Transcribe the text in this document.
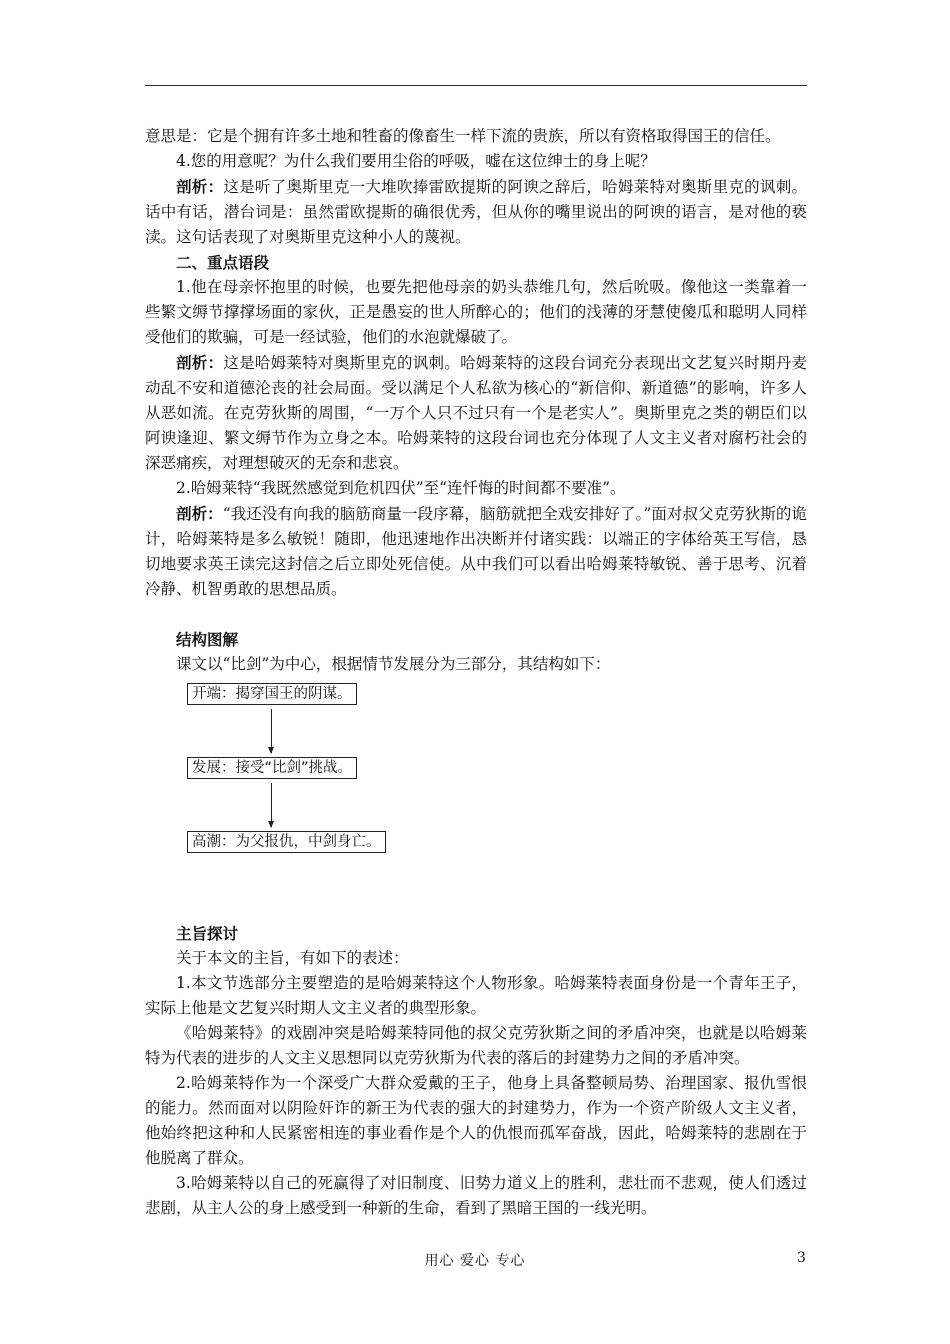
意思是：它是个拥有许多土地和牲畜的像畜生一样下流的贵族，所以有资格取得国王的信任。

4.您的用意呢？为什么我们要用尘俗的呼吸，嘘在这位绅士的身上呢？

剖析：这是听了奥斯里克一大堆吹捧雷欧提斯的阿谀之辞后，哈姆莱特对奥斯里克的讽刺。话中有话，潜台词是：虽然雷欧提斯的确很优秀，但从你的嘴里说出的阿谀的语言，是对他的亵渎。这句话表现了对奥斯里克这种小人的蔑视。

二、重点语段

1.他在母亲怀抱里的时候，也要先把他母亲的奶头恭维几句，然后吮吸。像他这一类靠着一些繁文缛节撑撑场面的家伙，正是愚妄的世人所醉心的；他们的浅薄的牙慧使傻瓜和聪明人同样受他们的欺骗，可是一经试验，他们的水泡就爆破了。

剖析：这是哈姆莱特对奥斯里克的讽刺。哈姆莱特的这段台词充分表现出文艺复兴时期丹麦动乱不安和道德沦丧的社会局面。受以满足个人私欲为核心的“新信仰、新道德”的影响，许多人从恶如流。在克劳狄斯的周围，“一万个人只不过只有一个是老实人”。奥斯里克之类的朝臣们以阿谀逢迎、繁文缛节作为立身之本。哈姆莱特的这段台词也充分体现了人文主义者对腐朽社会的深恶痛疾，对理想破灭的无奈和悲哀。

2.哈姆莱特“我既然感觉到危机四伏”至“连忏悔的时间都不要准”。

剖析：“我还没有向我的脑筋商量一段序幕，脑筋就把全戏安排好了。”面对叔父克劳狄斯的诡计，哈姆莱特是多么敏锐！随即，他迅速地作出决断并付诸实践：以端正的字体给英王写信，恳切地要求英王读完这封信之后立即处死信使。从中我们可以看出哈姆莱特敏锐、善于思考、沉着冷静、机智勇敢的思想品质。

结构图解

课文以“比剑”为中心，根据情节发展分为三部分，其结构如下：

开端：揭穿国王的阴谋。
发展：接受“比剑”挑战。
高潮：为父报仇，中剑身亡。

主旨探讨

关于本文的主旨，有如下的表述：

1.本文节选部分主要塑造的是哈姆莱特这个人物形象。哈姆莱特表面身份是一个青年王子，实际上他是文艺复兴时期人文主义者的典型形象。

《哈姆莱特》的戏剧冲突是哈姆莱特同他的叔父克劳狄斯之间的矛盾冲突，也就是以哈姆莱特为代表的进步的人文主义思想同以克劳狄斯为代表的落后的封建势力之间的矛盾冲突。

2.哈姆莱特作为一个深受广大群众爱戴的王子，他身上具备整顿局势、治理国家、报仇雪恨的能力。然而面对以阴险奸诈的新王为代表的强大的封建势力，作为一个资产阶级人文主义者，他始终把这种和人民紧密相连的事业看作是个人的仇恨而孤军奋战，因此，哈姆莱特的悲剧在于他脱离了群众。

3.哈姆莱特以自己的死赢得了对旧制度、旧势力道义上的胜利，悲壮而不悲观，使人们透过悲剧，从主人公的身上感受到一种新的生命，看到了黑暗王国的一线光明。

用心 爱心 专心	3
